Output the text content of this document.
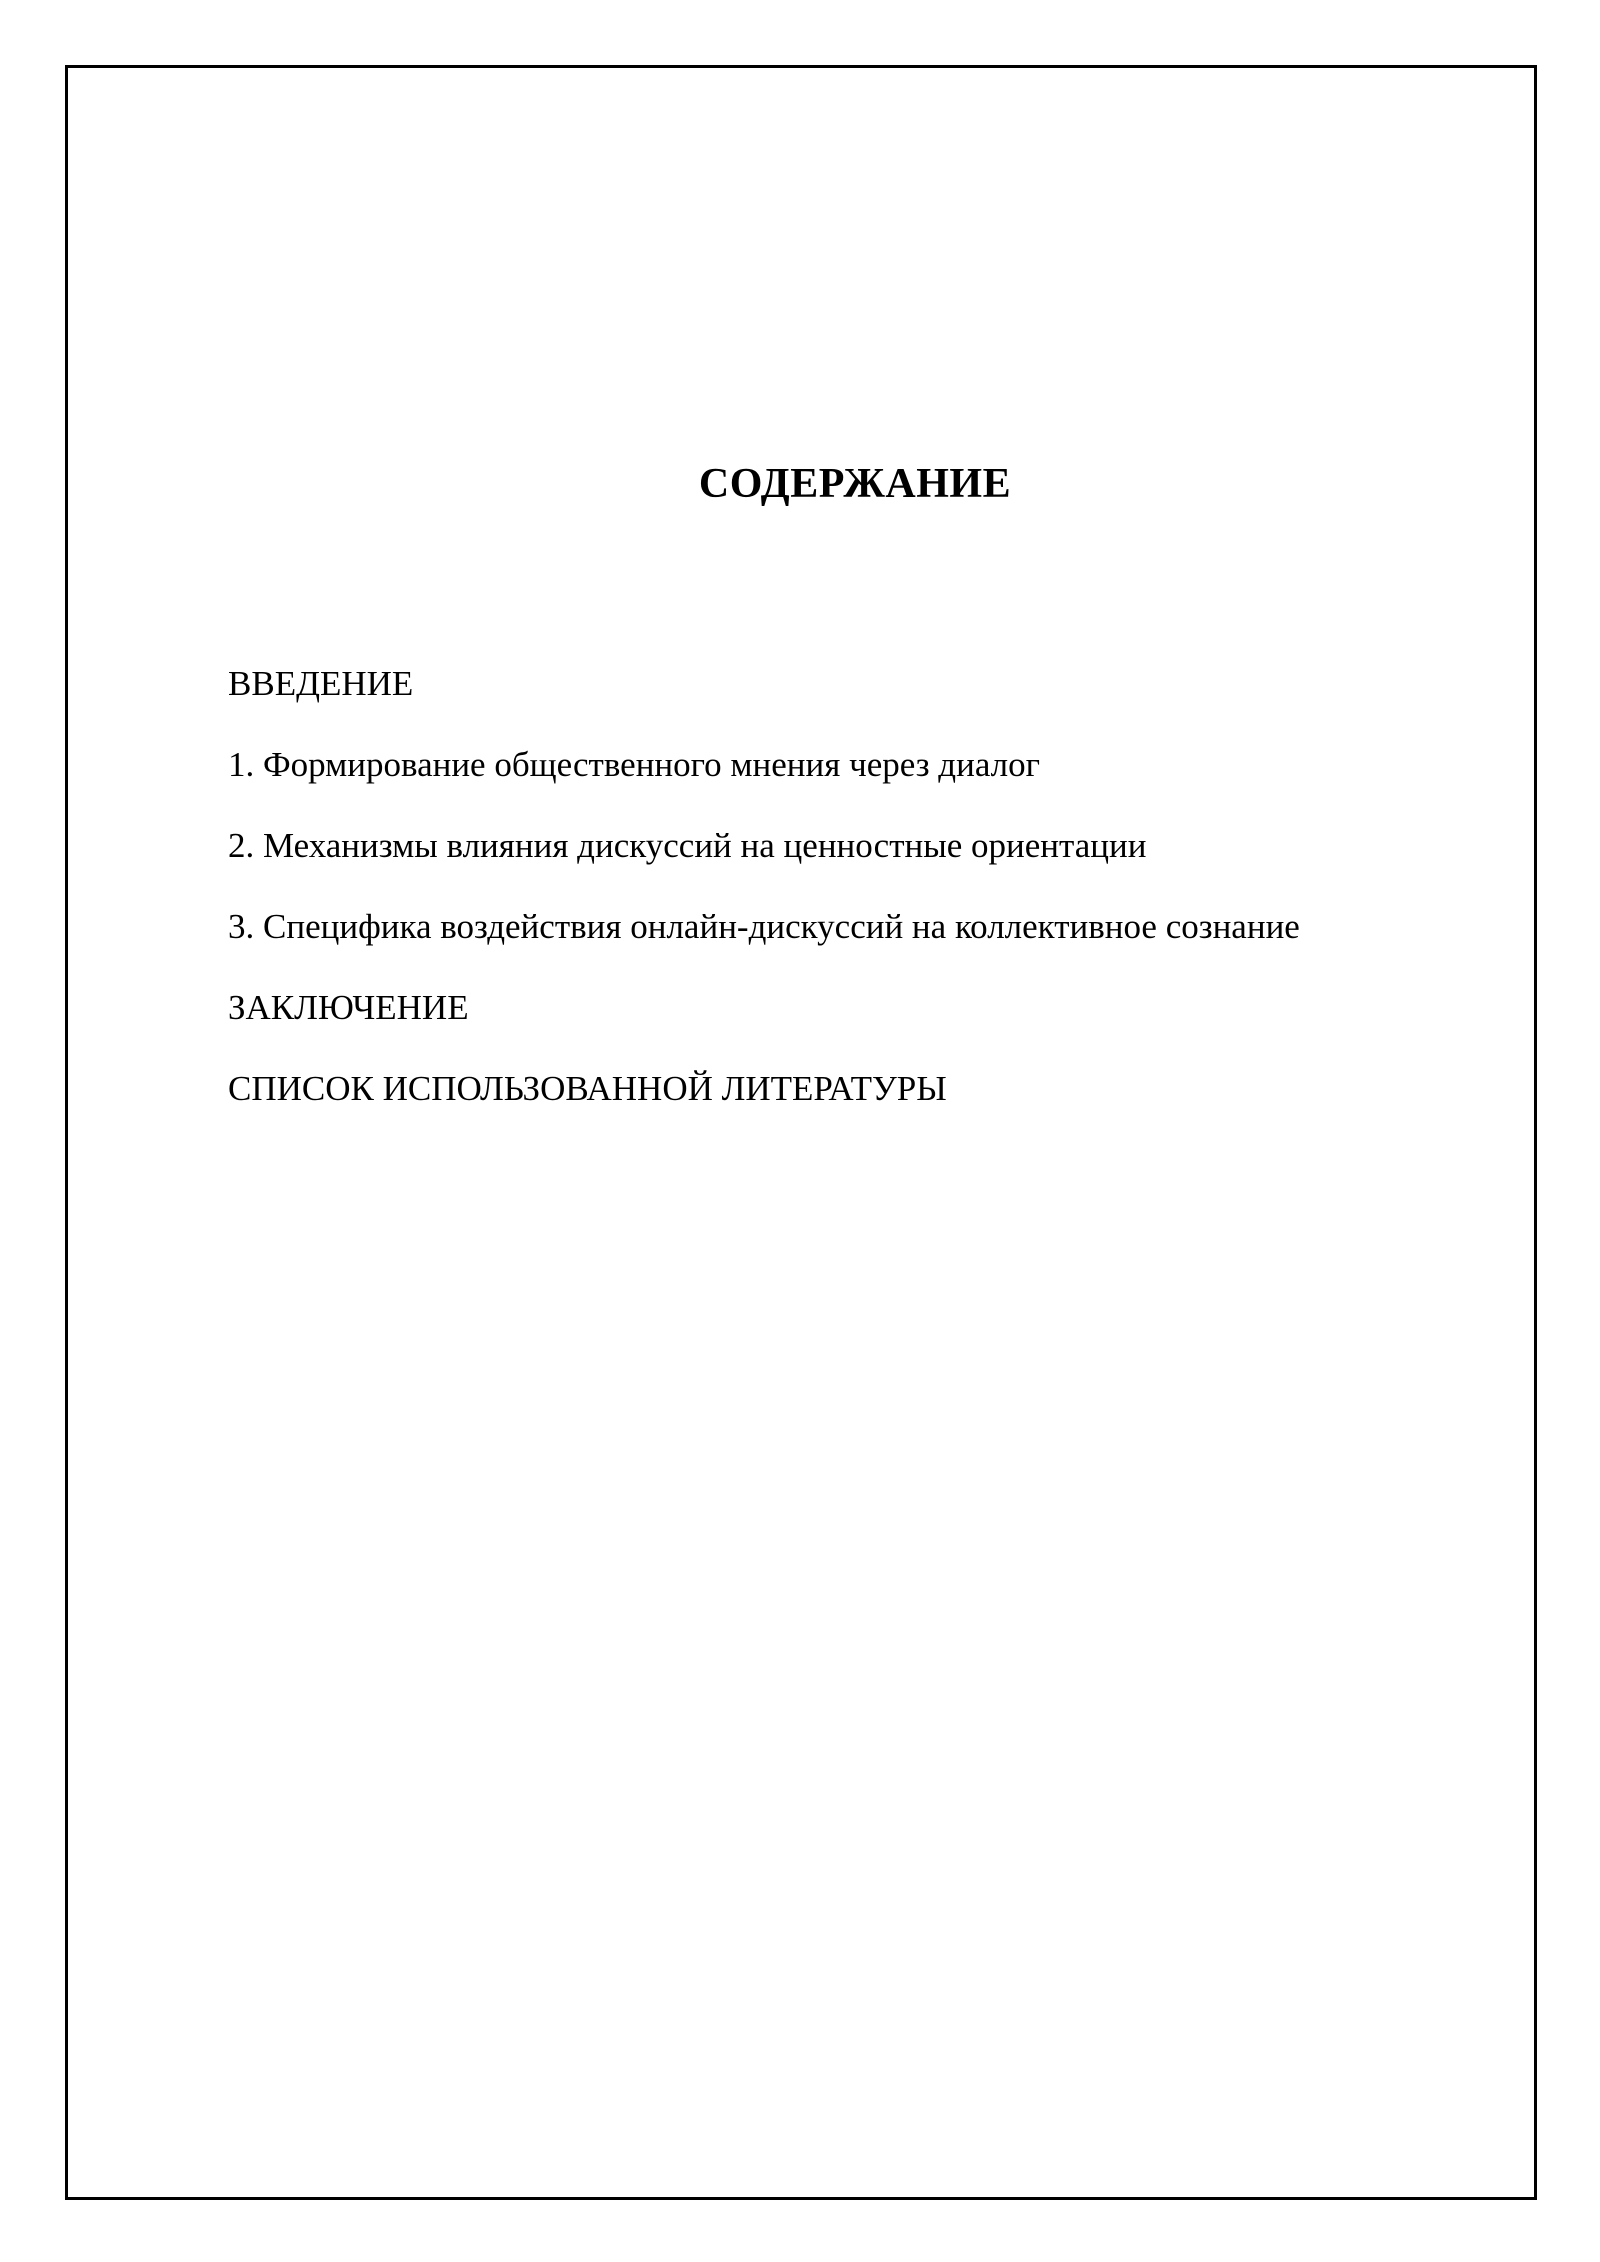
СОДЕРЖАНИЕ
ВВЕДЕНИЕ
1. Формирование общественного мнения через диалог
2. Механизмы влияния дискуссий на ценностные ориентации
3. Специфика воздействия онлайн-дискуссий на коллективное сознание
ЗАКЛЮЧЕНИЕ
СПИСОК ИСПОЛЬЗОВАННОЙ ЛИТЕРАТУРЫ
